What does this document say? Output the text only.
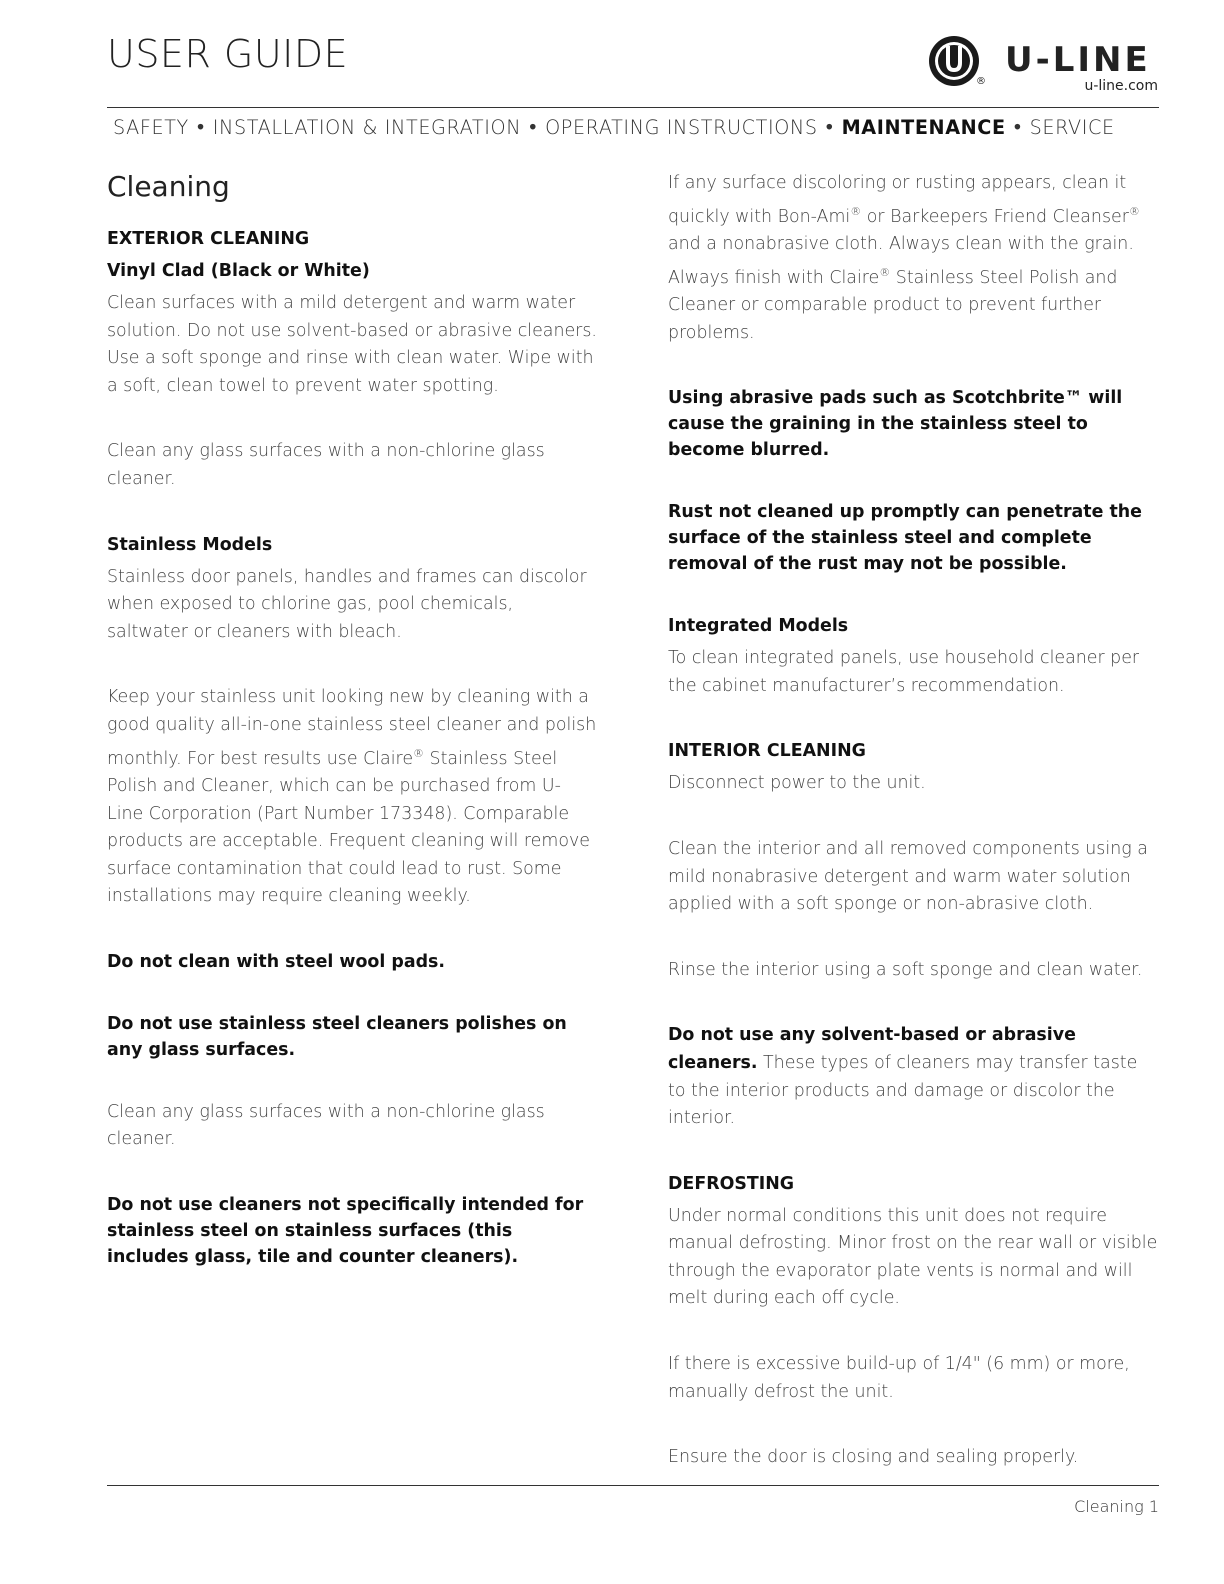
USER GUIDE
®
U-LINE
u-line.com
SAFETY • INSTALLATION & INTEGRATION • OPERATING INSTRUCTIONS • MAINTENANCE • SERVICE
Cleaning
EXTERIOR CLEANING
Vinyl Clad (Black or White)
Clean surfaces with a mild detergent and warm water solution. Do not use solvent-based or abrasive cleaners. Use a soft sponge and rinse with clean water. Wipe with a soft, clean towel to prevent water spotting.
Clean any glass surfaces with a non-chlorine glass cleaner.
Stainless Models
Stainless door panels, handles and frames can discolor when exposed to chlorine gas, pool chemicals, saltwater or cleaners with bleach.
Keep your stainless unit looking new by cleaning with a good quality all-in-one stainless steel cleaner and polish monthly. For best results use Claire® Stainless Steel Polish and Cleaner, which can be purchased from U-Line Corporation (Part Number 173348). Comparable products are acceptable. Frequent cleaning will remove surface contamination that could lead to rust. Some installations may require cleaning weekly.
Do not clean with steel wool pads.
Do not use stainless steel cleaners polishes on any glass surfaces.
Clean any glass surfaces with a non-chlorine glass cleaner.
Do not use cleaners not specifically intended for stainless steel on stainless surfaces (this includes glass, tile and counter cleaners).
If any surface discoloring or rusting appears, clean it quickly with Bon-Ami® or Barkeepers Friend Cleanser® and a nonabrasive cloth. Always clean with the grain. Always finish with Claire® Stainless Steel Polish and Cleaner or comparable product to prevent further problems.
Using abrasive pads such as Scotchbrite™ will cause the graining in the stainless steel to become blurred.
Rust not cleaned up promptly can penetrate the surface of the stainless steel and complete removal of the rust may not be possible.
Integrated Models
To clean integrated panels, use household cleaner per the cabinet manufacturer’s recommendation.
INTERIOR CLEANING
Disconnect power to the unit.
Clean the interior and all removed components using a mild nonabrasive detergent and warm water solution applied with a soft sponge or non-abrasive cloth.
Rinse the interior using a soft sponge and clean water.
Do not use any solvent-based or abrasive cleaners. These types of cleaners may transfer taste to the interior products and damage or discolor the interior.
DEFROSTING
Under normal conditions this unit does not require manual defrosting. Minor frost on the rear wall or visible through the evaporator plate vents is normal and will melt during each off cycle.
If there is excessive build-up of 1/4" (6 mm) or more, manually defrost the unit.
Ensure the door is closing and sealing properly.
Cleaning 1
